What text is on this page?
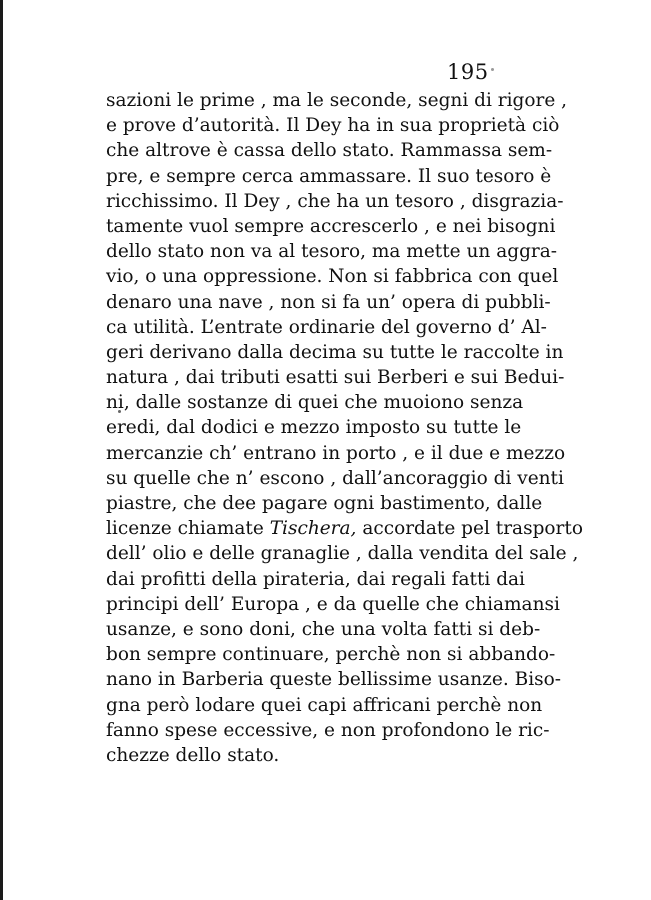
195
sazioni le prime , ma le seconde, segni di rigore ,
e prove d’autorità. Il Dey ha in sua proprietà ciò
che altrove è cassa dello stato. Rammassa sem-
pre, e sempre cerca ammassare. Il suo tesoro è
ricchissimo. Il Dey , che ha un tesoro , disgrazia-
tamente vuol sempre accrescerlo , e nei bisogni
dello stato non va al tesoro, ma mette un aggra-
vio, o una oppressione. Non si fabbrica con quel
denaro una nave , non si fa un’ opera di pubbli-
ca utilità. L’entrate ordinarie del governo d’ Al-
geri derivano dalla decima su tutte le raccolte in
natura , dai tributi esatti sui Berberi e sui Bedui-
ni, dalle sostanze di quei che muoiono senza
eredi, dal dodici e mezzo imposto su tutte le
mercanzie ch’ entrano in porto , e il due e mezzo
su quelle che n’ escono , dall’ancoraggio di venti
piastre, che dee pagare ogni bastimento, dalle
licenze chiamate Tischera, accordate pel trasporto
dell’ olio e delle granaglie , dalla vendita del sale ,
dai profitti della pirateria, dai regali fatti dai
principi dell’ Europa , e da quelle che chiamansi
usanze, e sono doni, che una volta fatti si deb-
bon sempre continuare, perchè non si abbando-
nano in Barberia queste bellissime usanze. Biso-
gna però lodare quei capi affricani perchè non
fanno spese eccessive, e non profondono le ric-
chezze dello stato.
